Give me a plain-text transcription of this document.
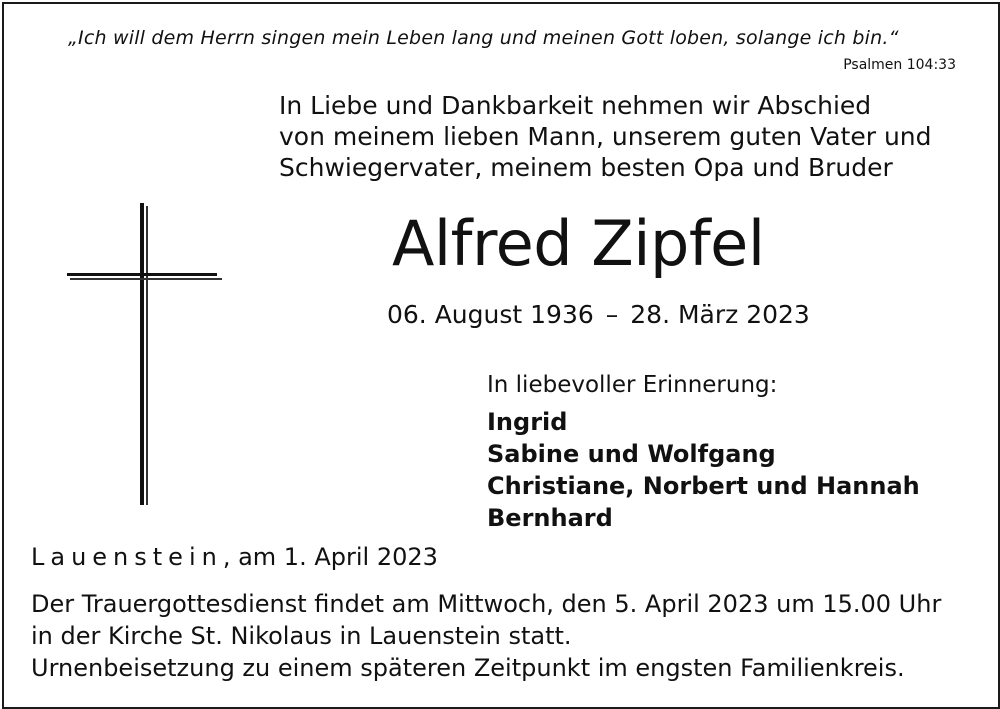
„Ich will dem Herrn singen mein Leben lang und meinen Gott loben, solange ich bin.“
Psalmen 104:33
In Liebe und Dankbarkeit nehmen wir Abschied
von meinem lieben Mann, unserem guten Vater und
Schwiegervater, meinem besten Opa und Bruder
Alfred Zipfel
06. August 1936 – 28. März 2023
In liebevoller Erinnerung:
Ingrid
Sabine und Wolfgang
Christiane, Norbert und Hannah
Bernhard
Lauenstein, am 1. April 2023
Der Trauergottesdienst findet am Mittwoch, den 5. April 2023 um 15.00 Uhr
in der Kirche St. Nikolaus in Lauenstein statt.
Urnenbeisetzung zu einem späteren Zeitpunkt im engsten Familienkreis.
